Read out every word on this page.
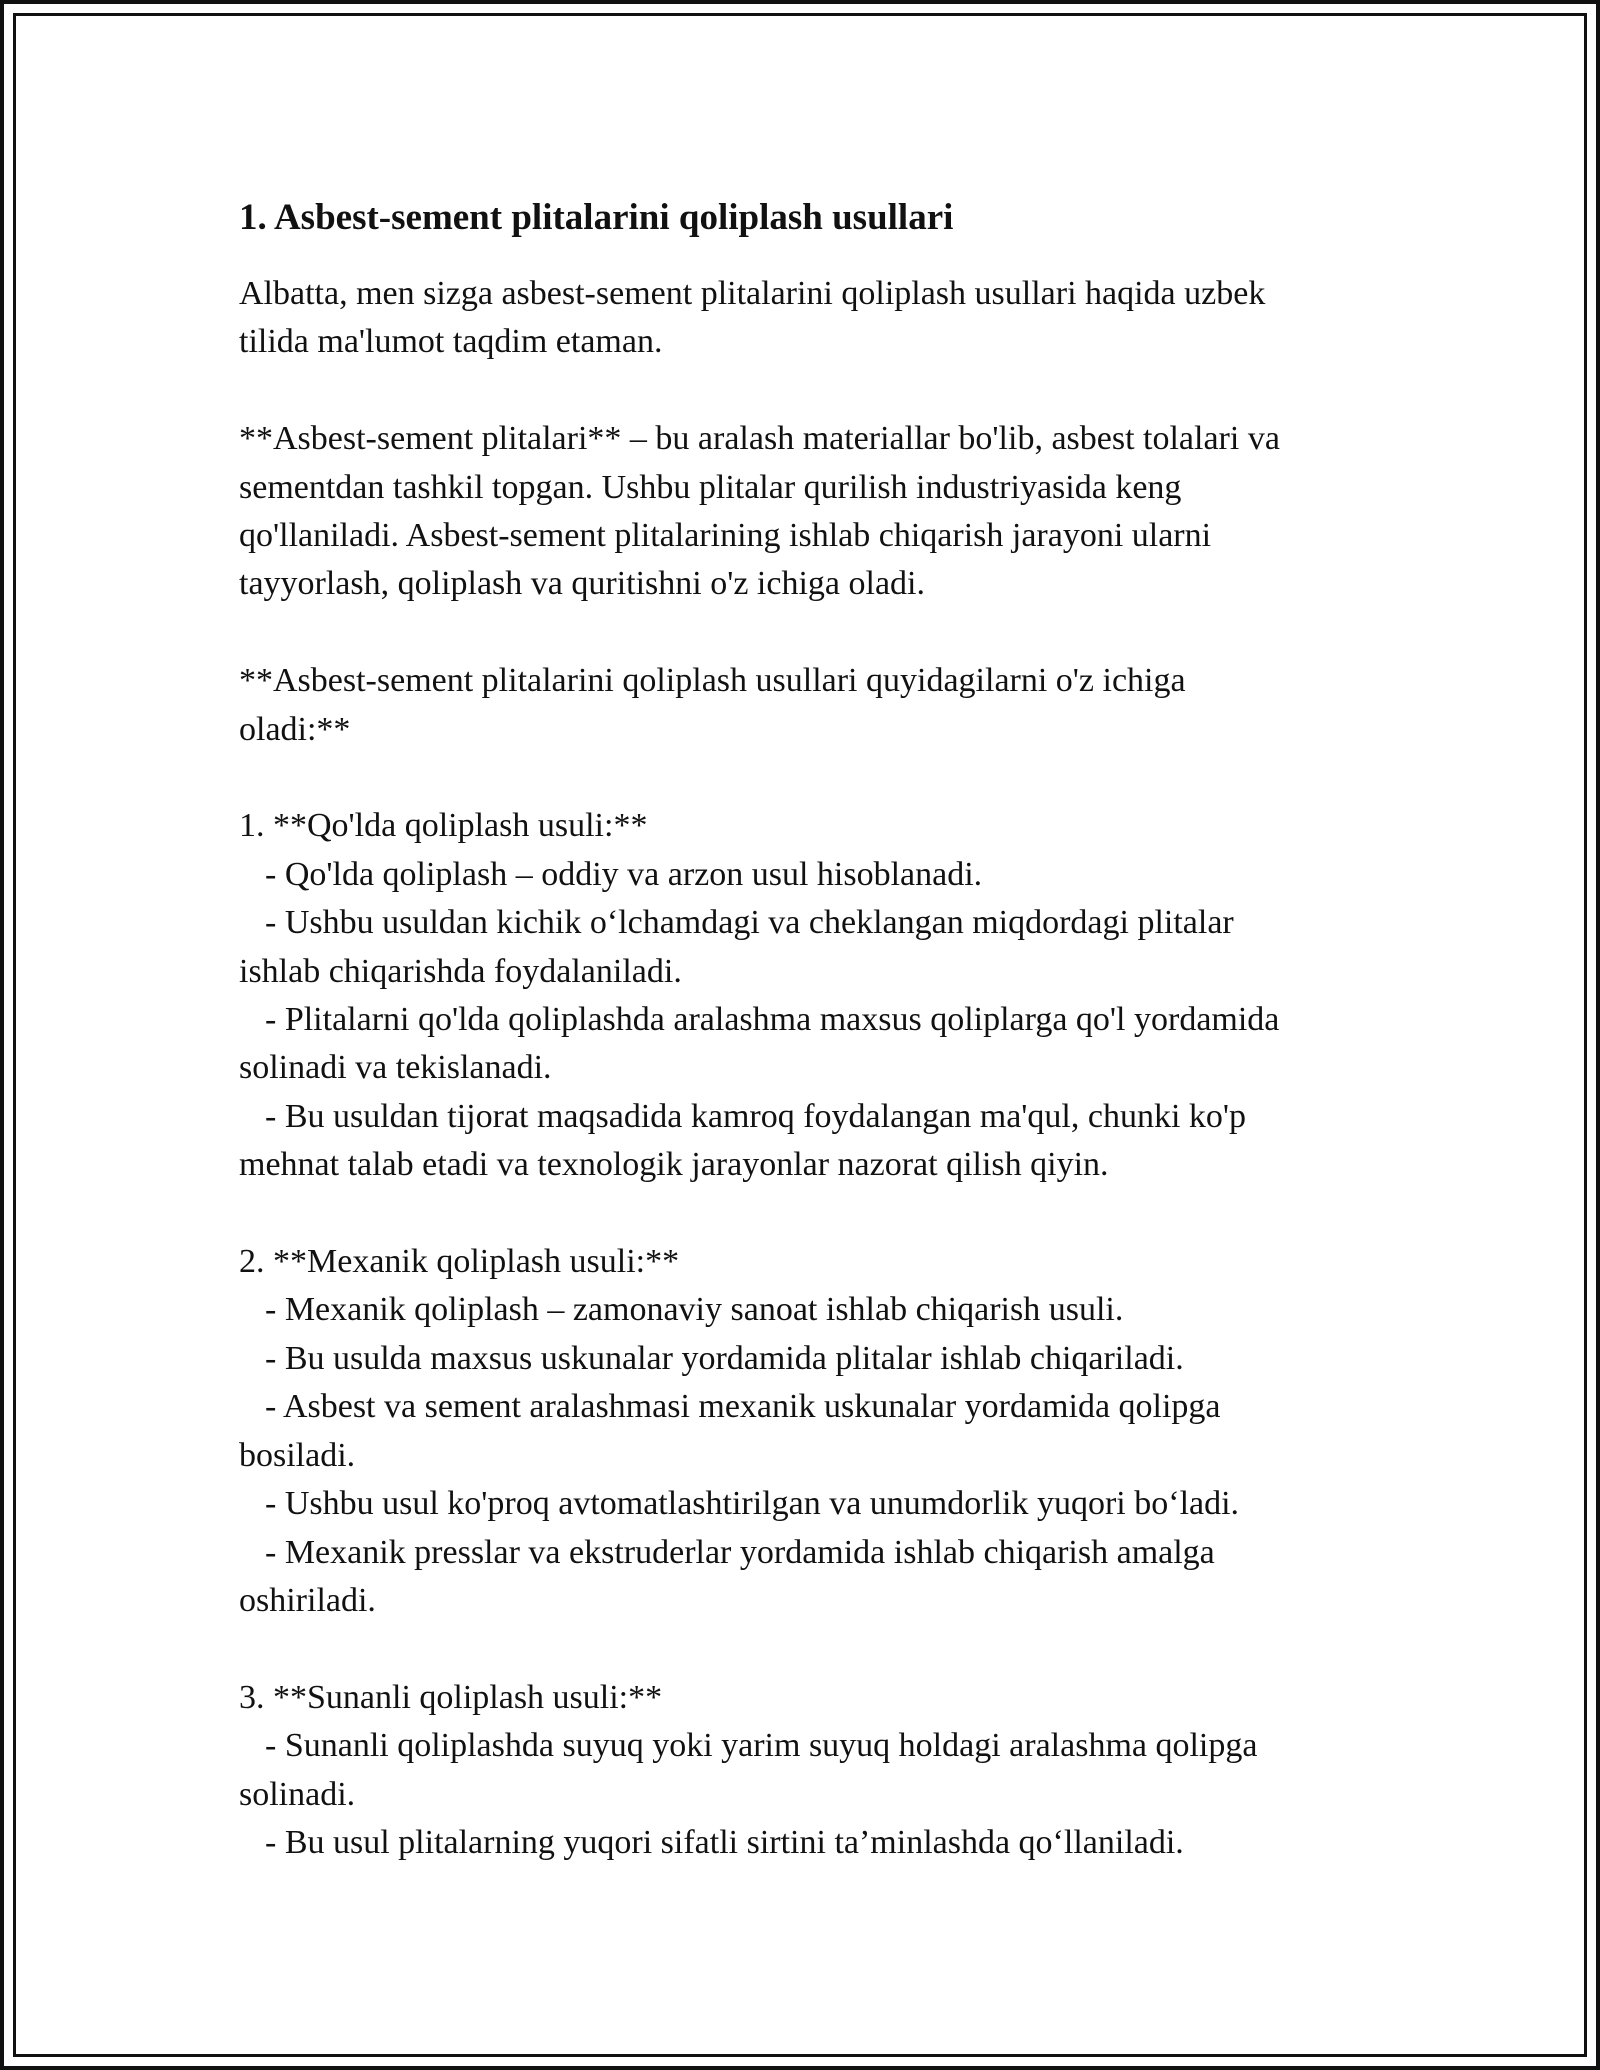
1. Asbest-sement plitalarini qoliplash usullari

Albatta, men sizga asbest-sement plitalarini qoliplash usullari haqida uzbek

tilida ma'lumot taqdim etaman.

**Asbest-sement plitalari** – bu aralash materiallar bo'lib, asbest tolalari va

sementdan tashkil topgan. Ushbu plitalar qurilish industriyasida keng

qo'llaniladi. Asbest-sement plitalarining ishlab chiqarish jarayoni ularni

tayyorlash, qoliplash va quritishni o'z ichiga oladi.

**Asbest-sement plitalarini qoliplash usullari quyidagilarni o'z ichiga

oladi:**

1. **Qo'lda qoliplash usuli:**

- Qo'lda qoliplash – oddiy va arzon usul hisoblanadi.

- Ushbu usuldan kichik o‘lchamdagi va cheklangan miqdordagi plitalar

ishlab chiqarishda foydalaniladi.

- Plitalarni qo'lda qoliplashda aralashma maxsus qoliplarga qo'l yordamida

solinadi va tekislanadi.

- Bu usuldan tijorat maqsadida kamroq foydalangan ma'qul, chunki ko'p

mehnat talab etadi va texnologik jarayonlar nazorat qilish qiyin.

2. **Mexanik qoliplash usuli:**

- Mexanik qoliplash – zamonaviy sanoat ishlab chiqarish usuli.

- Bu usulda maxsus uskunalar yordamida plitalar ishlab chiqariladi.

- Asbest va sement aralashmasi mexanik uskunalar yordamida qolipga

bosiladi.

- Ushbu usul ko'proq avtomatlashtirilgan va unumdorlik yuqori bo‘ladi.

- Mexanik presslar va ekstruderlar yordamida ishlab chiqarish amalga

oshiriladi.

3. **Sunanli qoliplash usuli:**

- Sunanli qoliplashda suyuq yoki yarim suyuq holdagi aralashma qolipga

solinadi.

- Bu usul plitalarning yuqori sifatli sirtini ta’minlashda qo‘llaniladi.
